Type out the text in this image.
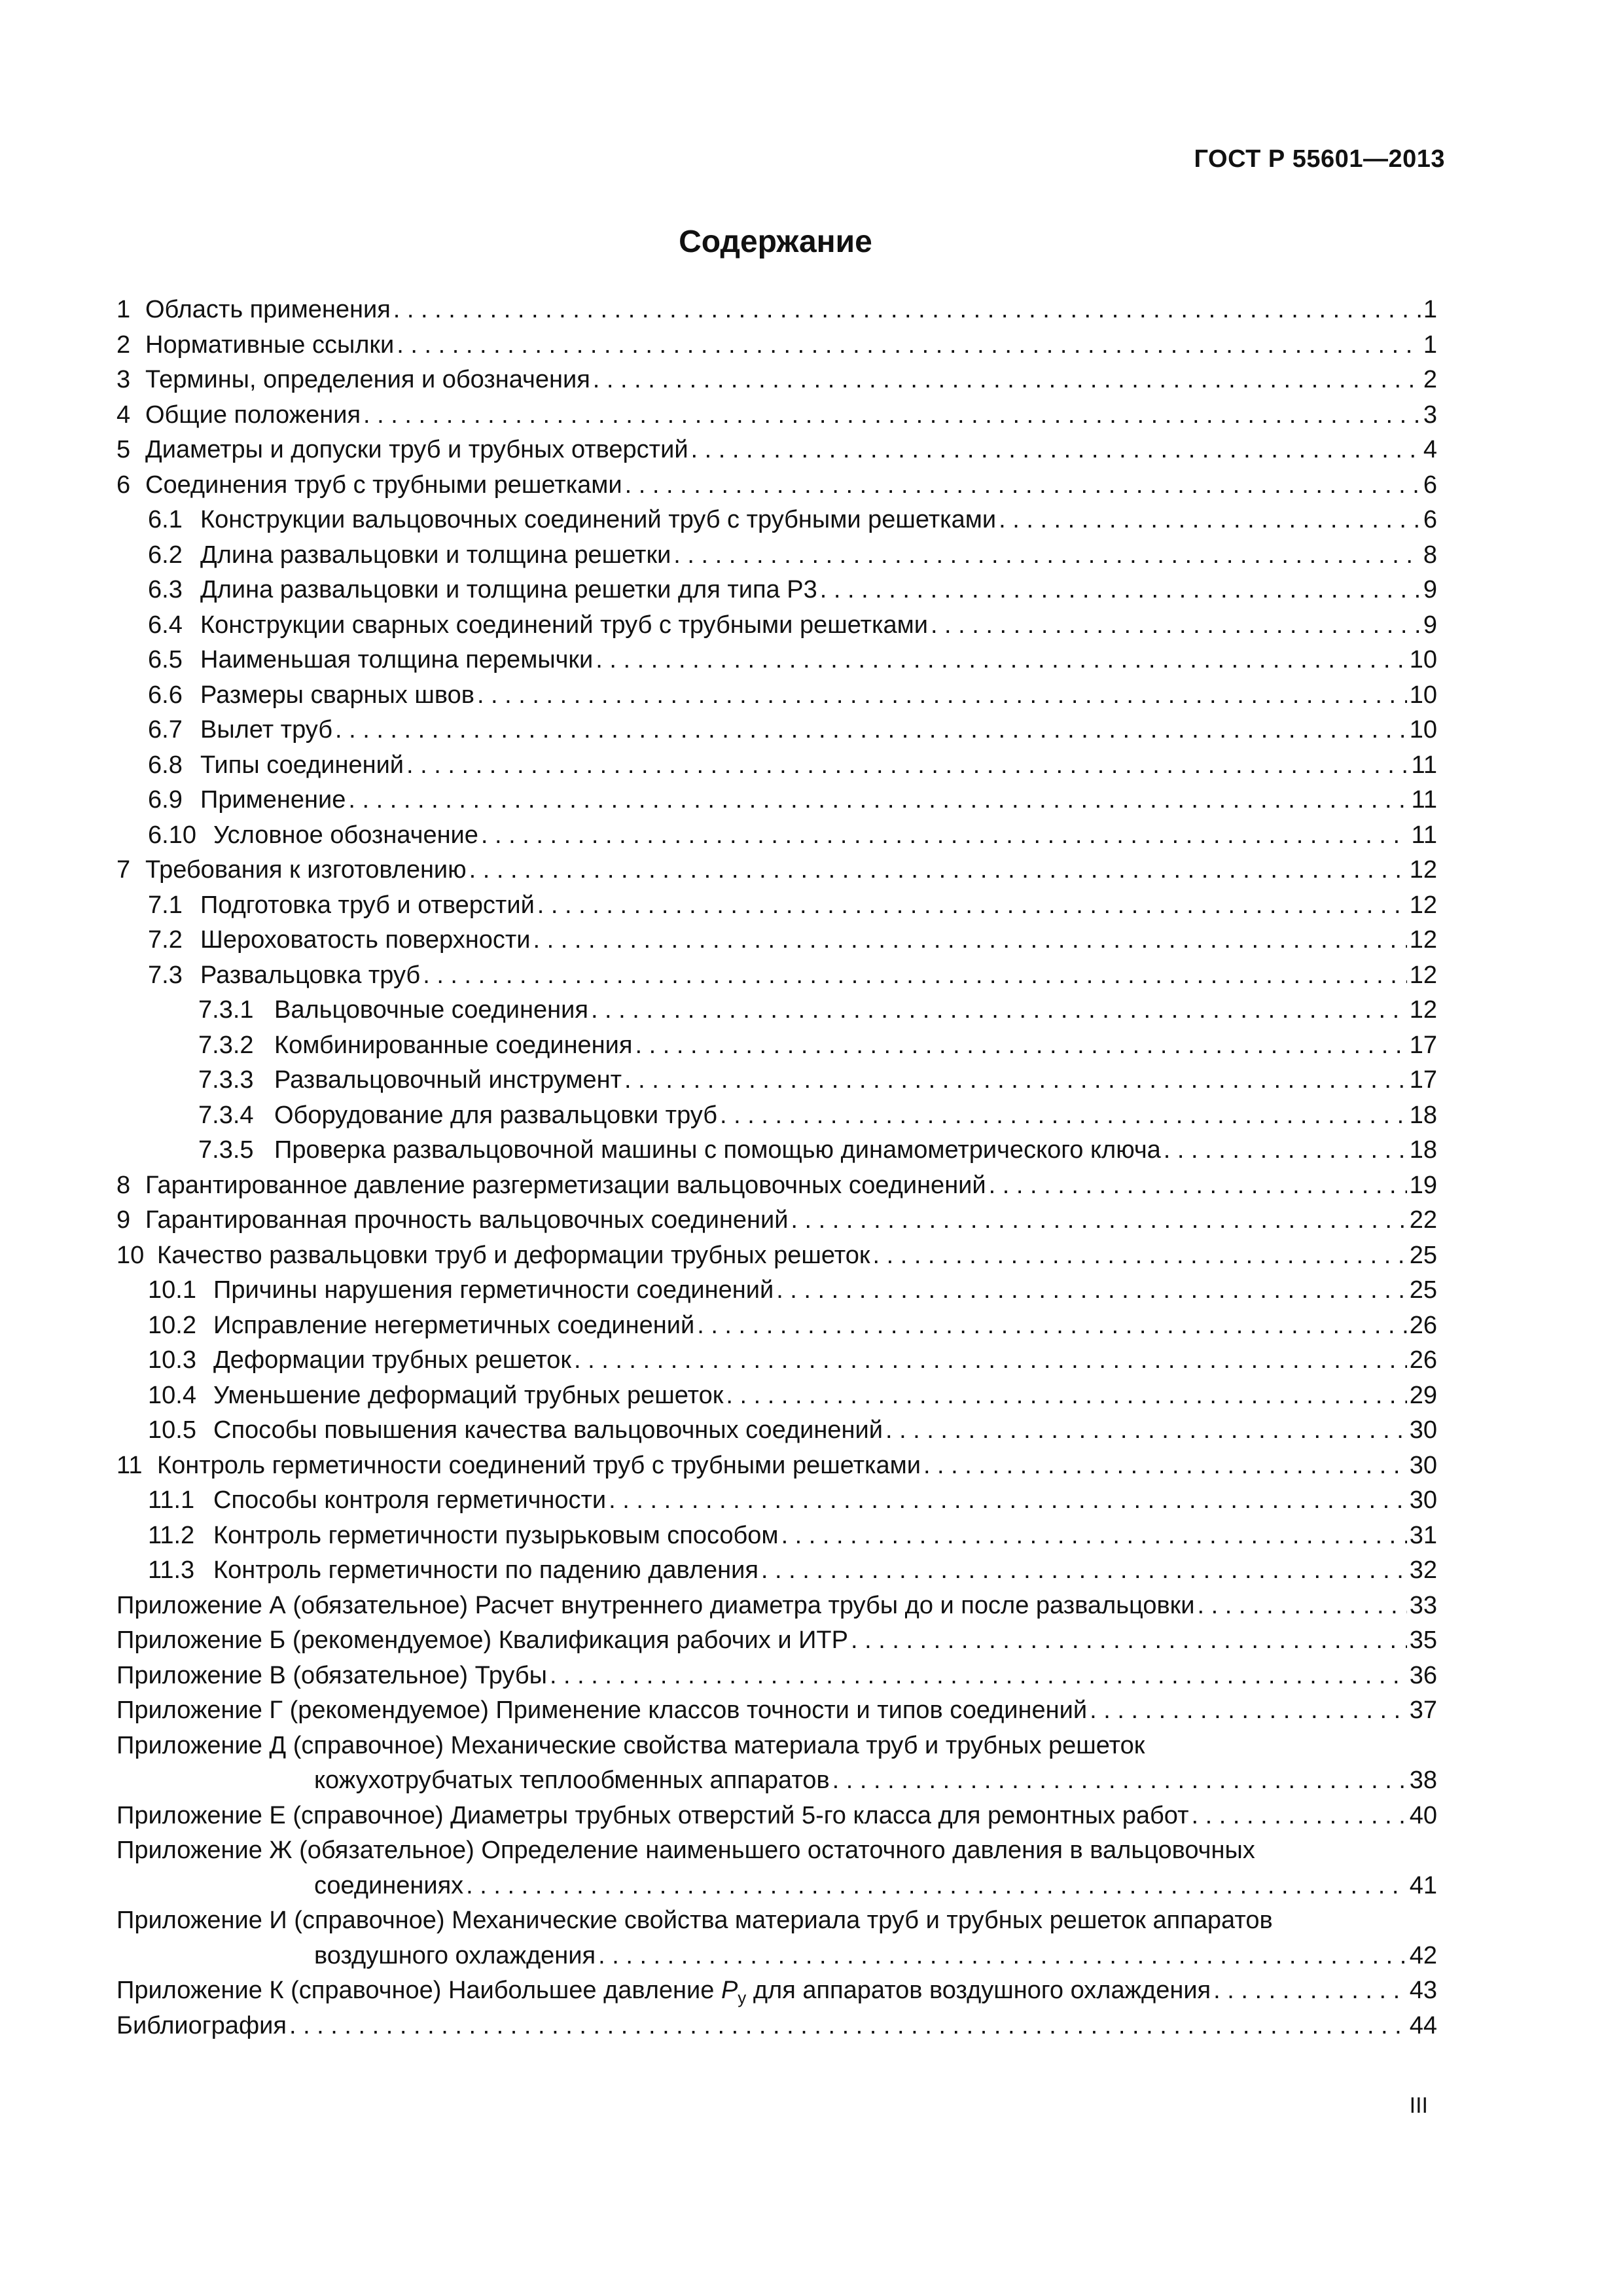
ГОСТ Р 55601—2013
Содержание
1 Область применения . . .	1
2 Нормативные ссылки . . .	1
3 Термины, определения и обозначения . . .	2
4 Общие положения . . .	3
5 Диаметры и допуски труб и трубных отверстий . . .	4
6 Соединения труб с трубными решетками . . .	6
6.1 Конструкции вальцовочных соединений труб с трубными решетками . . .	6
6.2 Длина развальцовки и толщина решетки . . .	8
6.3 Длина развальцовки и толщина решетки для типа Р3 . . .	9
6.4 Конструкции сварных соединений труб с трубными решетками . . .	9
6.5 Наименьшая толщина перемычки . . .	10
6.6 Размеры сварных швов . . .	10
6.7 Вылет труб . . .	10
6.8 Типы соединений . . .	11
6.9 Применение . . .	11
6.10 Условное обозначение . . .	11
7 Требования к изготовлению . . .	12
7.1 Подготовка труб и отверстий . . .	12
7.2 Шероховатость поверхности . . .	12
7.3 Развальцовка труб . . .	12
7.3.1 Вальцовочные соединения . . .	12
7.3.2 Комбинированные соединения . . .	17
7.3.3 Развальцовочный инструмент . . .	17
7.3.4 Оборудование для развальцовки труб . . .	18
7.3.5 Проверка развальцовочной машины с помощью динамометрического ключа . . .	18
8 Гарантированное давление разгерметизации вальцовочных соединений . . .	19
9 Гарантированная прочность вальцовочных соединений . . .	22
10 Качество развальцовки труб и деформации трубных решеток . . .	25
10.1 Причины нарушения герметичности соединений . . .	25
10.2 Исправление негерметичных соединений . . .	26
10.3 Деформации трубных решеток . . .	26
10.4 Уменьшение деформаций трубных решеток . . .	29
10.5 Способы повышения качества вальцовочных соединений . . .	30
11 Контроль герметичности соединений труб с трубными решетками . . .	30
11.1 Способы контроля герметичности . . .	30
11.2 Контроль герметичности пузырьковым способом . . .	31
11.3 Контроль герметичности по падению давления . . .	32
Приложение А (обязательное) Расчет внутреннего диаметра трубы до и после развальцовки . . .	33
Приложение Б (рекомендуемое) Квалификация рабочих и ИТР . . .	35
Приложение В (обязательное) Трубы . . .	36
Приложение Г (рекомендуемое) Применение классов точности и типов соединений . . .	37
Приложение Д (справочное) Механические свойства материала труб и трубных решеток
кожухотрубчатых теплообменных аппаратов . . .	38
Приложение Е (справочное) Диаметры трубных отверстий 5-го класса для ремонтных работ . . .	40
Приложение Ж (обязательное) Определение наименьшего остаточного давления в вальцовочных
соединениях . . .	41
Приложение И (справочное) Механические свойства материала труб и трубных решеток аппаратов
воздушного охлаждения . . .	42
Приложение К (справочное) Наибольшее давление $P_у$ для аппаратов воздушного охлаждения . . .	43
Библиография . . .	44
III
